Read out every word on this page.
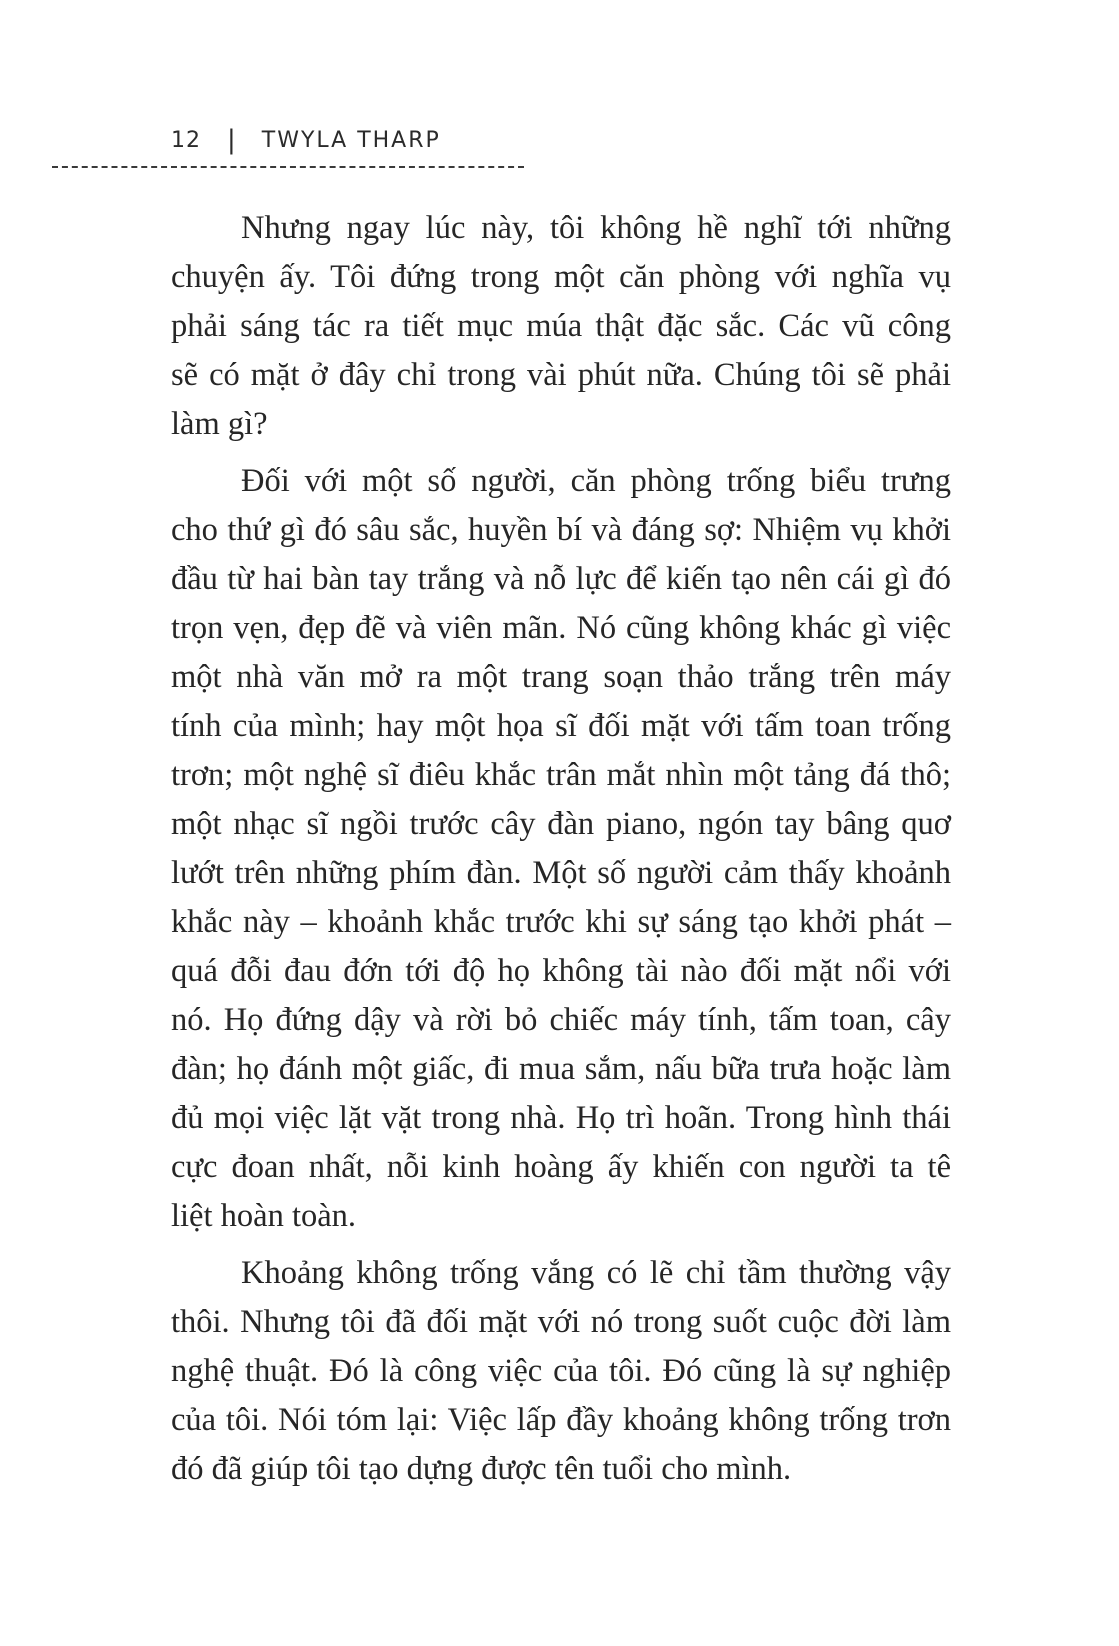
12 | TWYLA THARP
Nhưng ngay lúc này, tôi không hề nghĩ tới những
chuyện ấy. Tôi đứng trong một căn phòng với nghĩa vụ
phải sáng tác ra tiết mục múa thật đặc sắc. Các vũ công
sẽ có mặt ở đây chỉ trong vài phút nữa. Chúng tôi sẽ phải
làm gì?
Đối với một số người, căn phòng trống biểu trưng
cho thứ gì đó sâu sắc, huyền bí và đáng sợ: Nhiệm vụ khởi
đầu từ hai bàn tay trắng và nỗ lực để kiến tạo nên cái gì đó
trọn vẹn, đẹp đẽ và viên mãn. Nó cũng không khác gì việc
một nhà văn mở ra một trang soạn thảo trắng trên máy
tính của mình; hay một họa sĩ đối mặt với tấm toan trống
trơn; một nghệ sĩ điêu khắc trân mắt nhìn một tảng đá thô;
một nhạc sĩ ngồi trước cây đàn piano, ngón tay bâng quơ
lướt trên những phím đàn. Một số người cảm thấy khoảnh
khắc này – khoảnh khắc trước khi sự sáng tạo khởi phát –
quá đỗi đau đớn tới độ họ không tài nào đối mặt nổi với
nó. Họ đứng dậy và rời bỏ chiếc máy tính, tấm toan, cây
đàn; họ đánh một giấc, đi mua sắm, nấu bữa trưa hoặc làm
đủ mọi việc lặt vặt trong nhà. Họ trì hoãn. Trong hình thái
cực đoan nhất, nỗi kinh hoàng ấy khiến con người ta tê
liệt hoàn toàn.
Khoảng không trống vắng có lẽ chỉ tầm thường vậy
thôi. Nhưng tôi đã đối mặt với nó trong suốt cuộc đời làm
nghệ thuật. Đó là công việc của tôi. Đó cũng là sự nghiệp
của tôi. Nói tóm lại: Việc lấp đầy khoảng không trống trơn
đó đã giúp tôi tạo dựng được tên tuổi cho mình.
